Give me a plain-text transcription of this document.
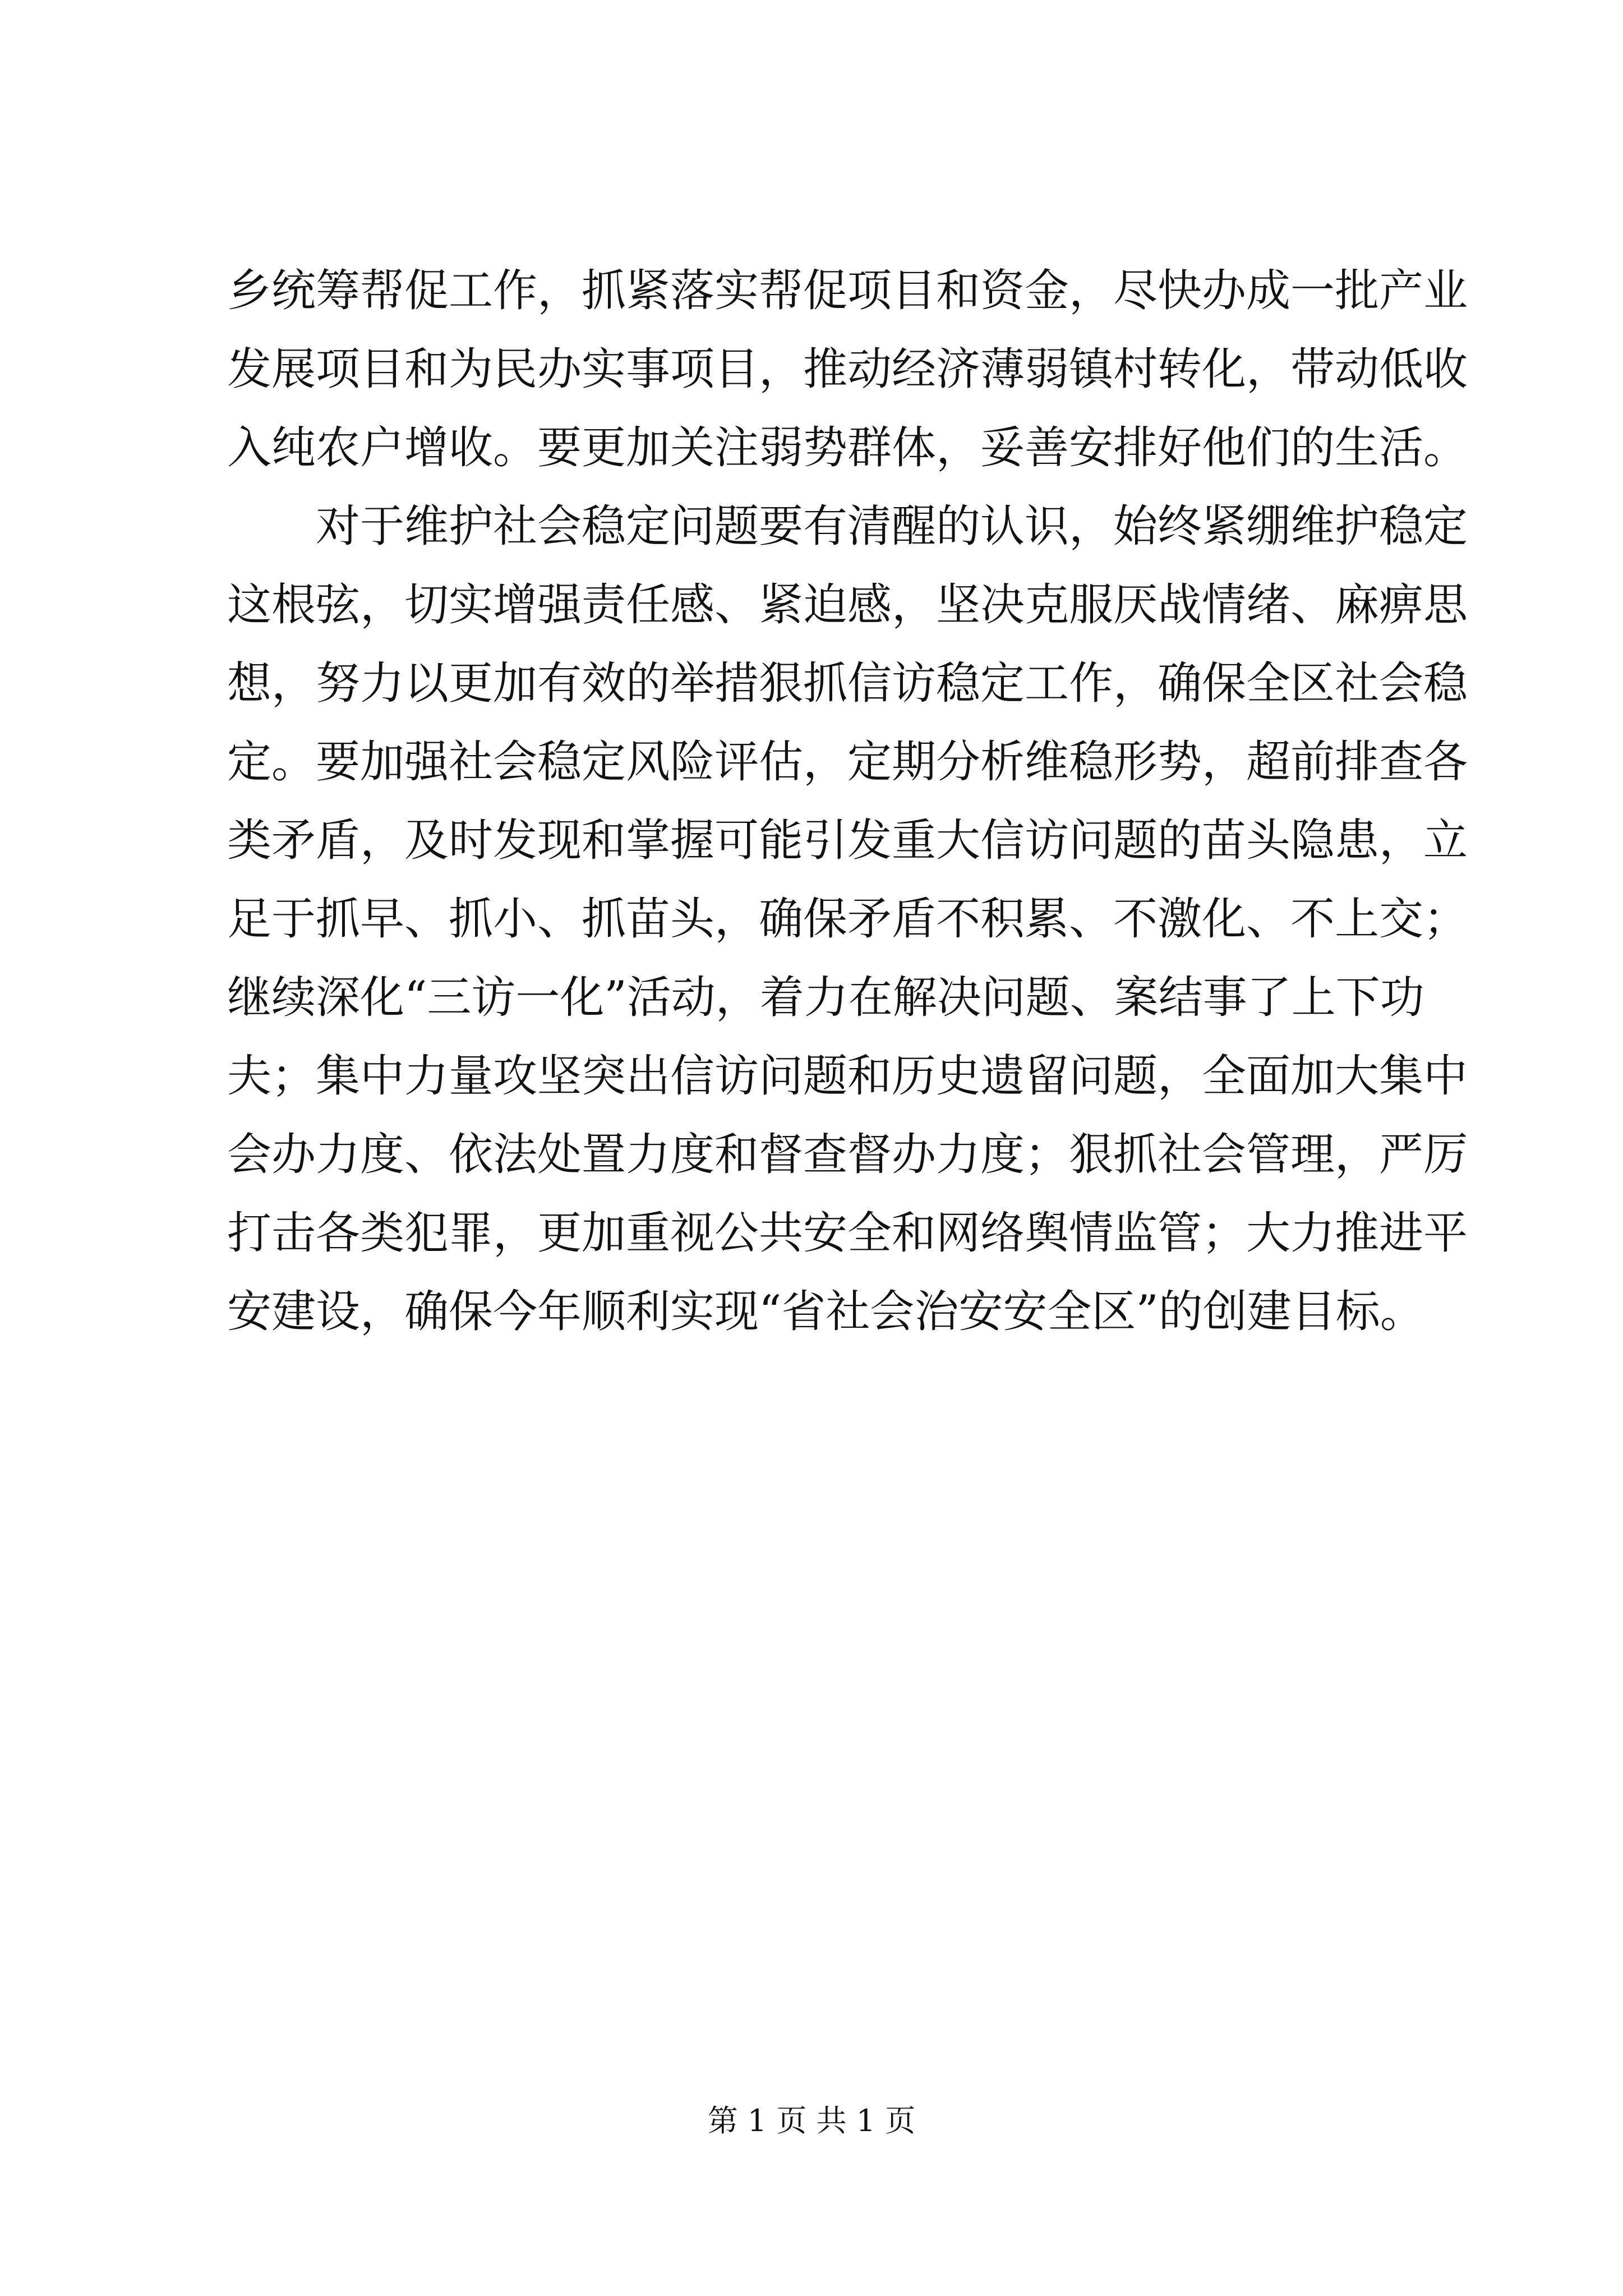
乡统筹帮促工作，抓紧落实帮促项目和资金，尽快办成一批产业
发展项目和为民办实事项目，推动经济薄弱镇村转化，带动低收
入纯农户增收。要更加关注弱势群体，妥善安排好他们的生活。
对于维护社会稳定问题要有清醒的认识，始终紧绷维护稳定
这根弦，切实增强责任感、紧迫感，坚决克服厌战情绪、麻痹思
想，努力以更加有效的举措狠抓信访稳定工作，确保全区社会稳
定。要加强社会稳定风险评估，定期分析维稳形势，超前排查各
类矛盾，及时发现和掌握可能引发重大信访问题的苗头隐患，立
足于抓早、抓小、抓苗头，确保矛盾不积累、不激化、不上交；
继续深化“三访一化”活动，着力在解决问题、案结事了上下功
夫；集中力量攻坚突出信访问题和历史遗留问题，全面加大集中
会办力度、依法处置力度和督查督办力度；狠抓社会管理，严厉
打击各类犯罪，更加重视公共安全和网络舆情监管；大力推进平
安建设，确保今年顺利实现“省社会治安安全区”的创建目标。
第 1 页 共 1 页
